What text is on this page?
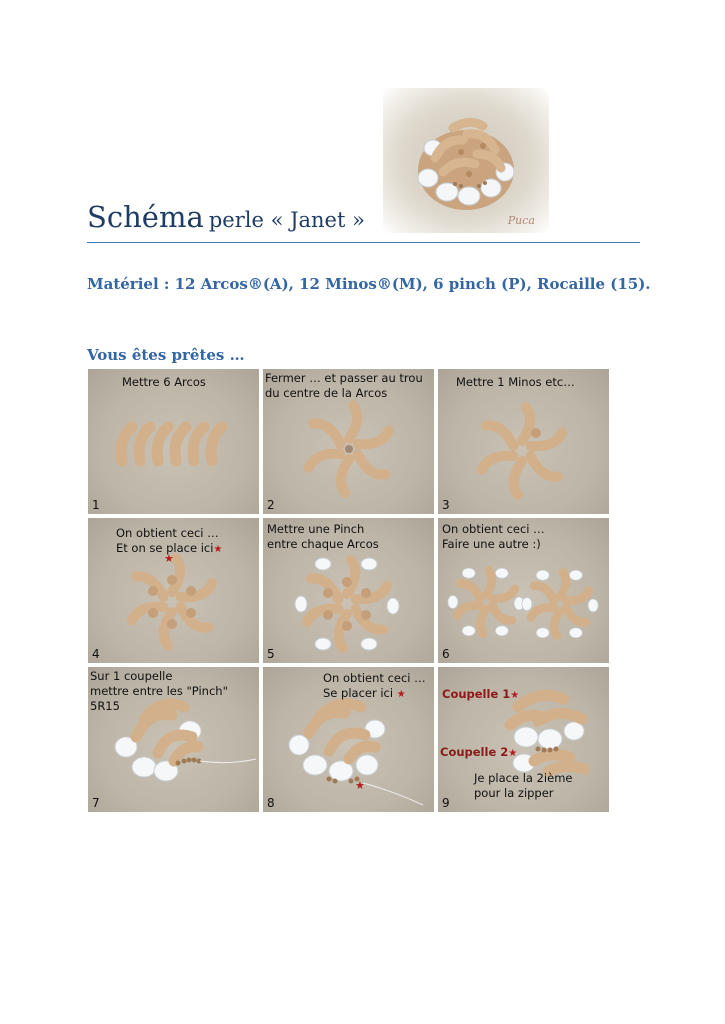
Puca
Schéma perle « Janet »
Matériel : 12 Arcos®(A), 12 Minos®(M), 6 pinch (P), Rocaille (15).
Vous êtes prêtes …
Mettre 6 Arcos
1
Fermer … et passer au trou
du centre de la Arcos
2
Mettre 1 Minos etc…
3
★
On obtient ceci …
Et on se place ici★
4
Mettre une Pinch
entre chaque Arcos
5
On obtient ceci …
Faire une autre :)
6
Sur 1 coupelle
mettre entre les "Pinch"
5R15
7
★
On obtient ceci …
Se placer ici ★
8
Coupelle 1★
Coupelle 2★
Je place la 2ième
pour la zipper
9
